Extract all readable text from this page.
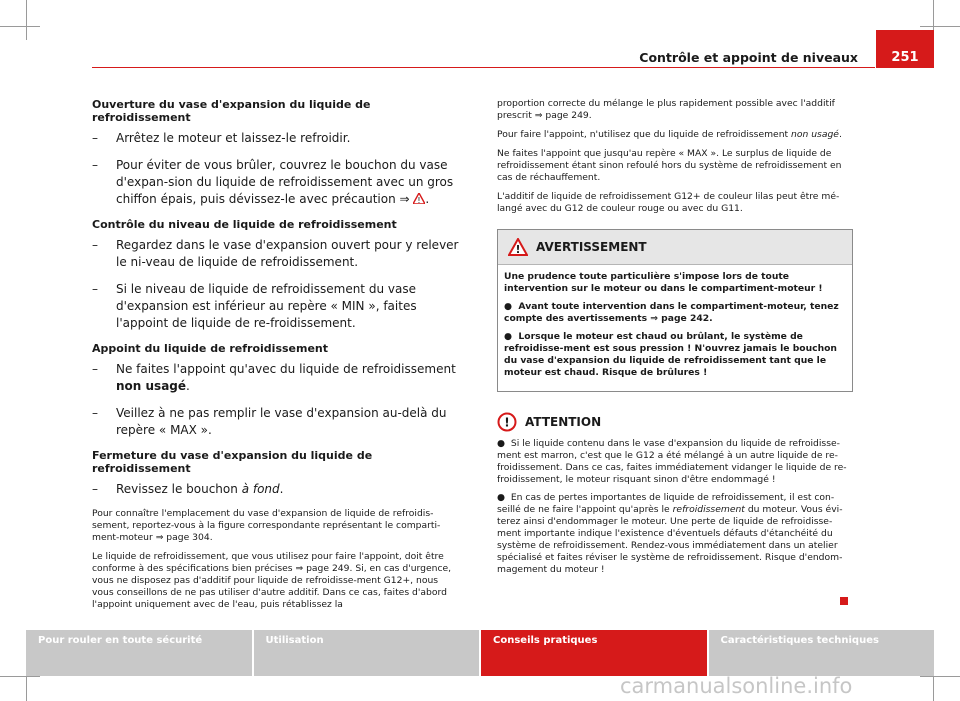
Contrôle et appoint de niveaux	251
Ouverture du vase d'expansion du liquide de refroidissement
– Arrêtez le moteur et laissez-le refroidir.
– Pour éviter de vous brûler, couvrez le bouchon du vase d'expan-sion du liquide de refroidissement avec un gros chiffon épais, puis dévissez-le avec précaution ⇒ ! .
Contrôle du niveau de liquide de refroidissement
– Regardez dans le vase d'expansion ouvert pour y relever le ni-veau de liquide de refroidissement.
– Si le niveau de liquide de refroidissement du vase d'expansion est inférieur au repère « MIN », faites l'appoint de liquide de re-froidissement.
Appoint du liquide de refroidissement
– Ne faites l'appoint qu'avec du liquide de refroidissement non usagé.
– Veillez à ne pas remplir le vase d'expansion au-delà du repère « MAX ».
Fermeture du vase d'expansion du liquide de refroidissement
– Revissez le bouchon à fond.

Pour connaître l'emplacement du vase d'expansion de liquide de refroidis-sement, reportez-vous à la figure correspondante représentant le comparti-ment-moteur ⇒ page 304.

Le liquide de refroidissement, que vous utilisez pour faire l'appoint, doit être conforme à des spécifications bien précises ⇒ page 249. Si, en cas d'urgence, vous ne disposez pas d'additif pour liquide de refroidisse-ment G12+, nous vous conseillons de ne pas utiliser d'autre additif. Dans ce cas, faites d'abord l'appoint uniquement avec de l'eau, puis rétablissez la

proportion correcte du mélange le plus rapidement possible avec l'additif prescrit ⇒ page 249.

Pour faire l'appoint, n'utilisez que du liquide de refroidissement non usagé.

Ne faites l'appoint que jusqu'au repère « MAX ». Le surplus de liquide de refroidissement étant sinon refoulé hors du système de refroidissement en cas de réchauffement.

L'additif de liquide de refroidissement G12+ de couleur lilas peut être mé-langé avec du G12 de couleur rouge ou avec du G11.

! AVERTISSEMENT

Une prudence toute particulière s'impose lors de toute intervention sur le moteur ou dans le compartiment-moteur !

●  Avant toute intervention dans le compartiment-moteur, tenez compte des avertissements ⇒ page 242.

●  Lorsque le moteur est chaud ou brûlant, le système de refroidisse-ment est sous pression ! N'ouvrez jamais le bouchon du vase d'expansion du liquide de refroidissement tant que le moteur est chaud. Risque de brûlures !

! ATTENTION

●  Si le liquide contenu dans le vase d'expansion du liquide de refroidisse-ment est marron, c'est que le G12 a été mélangé à un autre liquide de re-froidissement. Dans ce cas, faites immédiatement vidanger le liquide de re-froidissement, le moteur risquant sinon d'être endommagé !

●  En cas de pertes importantes de liquide de refroidissement, il est con-seillé de ne faire l'appoint qu'après le refroidissement du moteur. Vous évi-terez ainsi d'endommager le moteur. Une perte de liquide de refroidisse-ment importante indique l'existence d'éventuels défauts d'étanchéité du système de refroidissement. Rendez-vous immédiatement dans un atelier spécialisé et faites réviser le système de refroidissement. Risque d'endom-magement du moteur !

Pour rouler en toute sécurité	Utilisation	Conseils pratiques	Caractéristiques techniques
carmanualsonline.info
